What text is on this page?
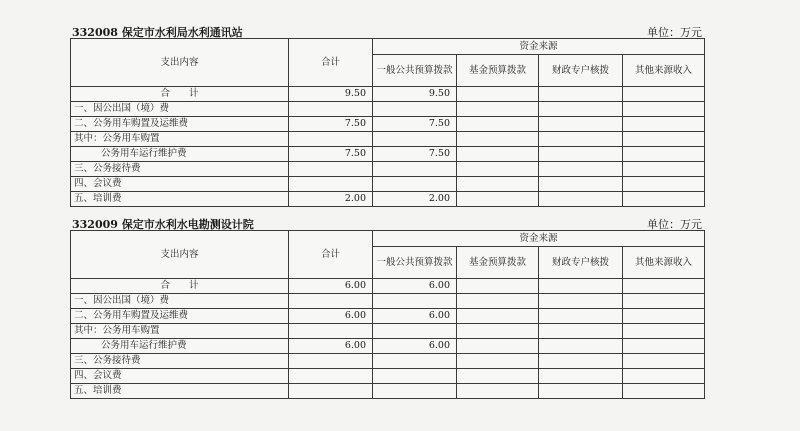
332008 保定市水利局水利通讯站	单位：万元
支出内容	合计	资金来源			
		一般公共预算拨款	基金预算拨款	财政专户核拨	其他来源收入
合　　计	9.50	9.50			
一、因公出国（境）费					
二、公务用车购置及运维费	7.50	7.50			
其中：公务用车购置					
公务用车运行维护费	7.50	7.50			
三、公务接待费					
四、会议费					
五、培训费	2.00	2.00			
332009 保定市水利水电勘测设计院	单位：万元
支出内容	合计	资金来源			
		一般公共预算拨款	基金预算拨款	财政专户核拨	其他来源收入
合　　计	6.00	6.00			
一、因公出国（境）费					
二、公务用车购置及运维费	6.00	6.00			
其中：公务用车购置					
公务用车运行维护费	6.00	6.00			
三、公务接待费					
四、会议费					
五、培训费					
